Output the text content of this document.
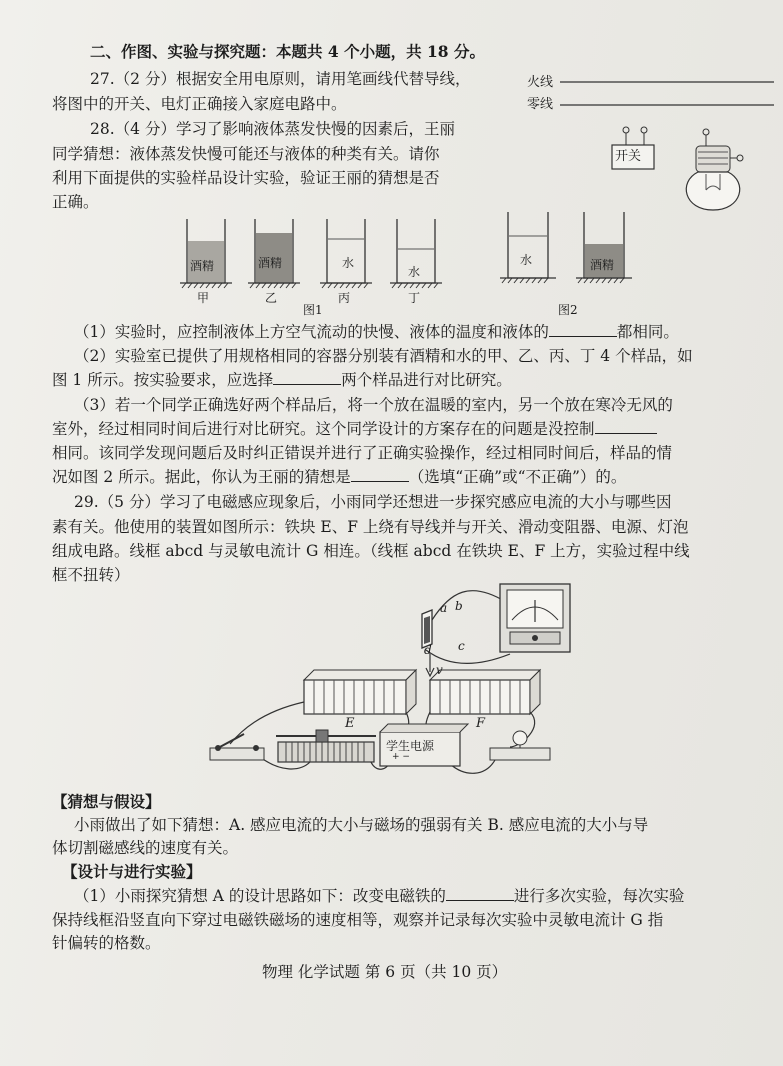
二、作图、实验与探究题：本题共 4 个小题，共 18 分。
27.（2 分）根据安全用电原则，请用笔画线代替导线，
将图中的开关、电灯正确接入家庭电路中。
火线
零线
开关
28.（4 分）学习了影响液体蒸发快慢的因素后，王丽
同学猜想：液体蒸发快慢可能还与液体的种类有关。请你
利用下面提供的实验样品设计实验，验证王丽的猜想是否
正确。
酒精	酒精	水
水
甲	乙	丙	丁
图1
水	酒精
图2
（1）实验时，应控制液体上方空气流动的快慢、液体的温度和液体的	都相同。
（2）实验室已提供了用规格相同的容器分别装有酒精和水的甲、乙、丙、丁 4 个样品，如
图 1 所示。按实验要求，应选择	两个样品进行对比研究。
（3）若一个同学正确选好两个样品后，将一个放在温暖的室内，另一个放在寒冷无风的
室外，经过相同时间后进行对比研究。这个同学设计的方案存在的问题是没控制
相同。该同学发现问题后及时纠正错误并进行了正确实验操作，经过相同时间后，样品的情
况如图 2 所示。据此，你认为王丽的猜想是	（选填“正确”或“不正确”）的。
29.（5 分）学习了电磁感应现象后，小雨同学还想进一步探究感应电流的大小与哪些因
素有关。他使用的装置如图所示：铁块 E、F 上绕有导线并与开关、滑动变阻器、电源、灯泡
组成电路。线框 abcd 与灵敏电流计 G 相连。（线框 abcd 在铁块 E、F 上方，实验过程中线
框不扭转）
a b
c
d
v
E	F
学生电源
+ −
【猜想与假设】
小雨做出了如下猜想：A. 感应电流的大小与磁场的强弱有关 B. 感应电流的大小与导
体切割磁感线的速度有关。
【设计与进行实验】
（1）小雨探究猜想 A 的设计思路如下：改变电磁铁的	进行多次实验，每次实验
保持线框沿竖直向下穿过电磁铁磁场的速度相等，观察并记录每次实验中灵敏电流计 G 指
针偏转的格数。
物理 化学试题 第 6 页（共 10 页）
